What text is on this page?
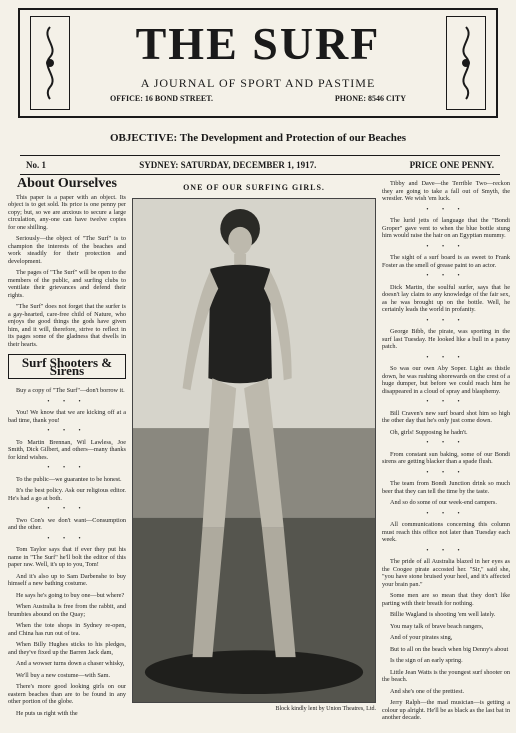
THE SURF
A JOURNAL OF SPORT AND PASTIME
OFFICE: 16 BOND STREET.	PHONE: 8546 CITY
OBJECTIVE: The Development and Protection of our Beaches
No. 1	SYDNEY: SATURDAY, DECEMBER 1, 1917.	PRICE ONE PENNY.
About Ourselves

This paper is a paper with an object. Its object is to get sold. Its price is one penny per copy; but, so we are anxious to secure a large circulation, any-one can have twelve copies for one shilling.

Seriously—the object of "The Surf" is to champion the interests of the beaches and work steadily for their protection and development.

The pages of "The Surf" will be open to the members of the public, and surfing clubs to ventilate their grievances and defend their rights.

"The Surf" does not forget that the surfer is a gay-hearted, care-free child of Nature, who enjoys the good things the gods have given him, and it will, therefore, strive to reflect in its pages some of the gladness that dwells in their hearts.

Surf Shooters & Sirens

Buy a copy of "The Surf"—don't borrow it.

• • •

You! We know that we are kicking off at a bad time, thank you!

• • •

To Martin Brennan, Wil Lawless, Joe Smith, Dick Gilbert, and others—many thanks for kind wishes.

• • •

To the public—we guarantee to be honest.

It's the best policy. Ask our religious editor. He's had a go at both.

• • •

Two Con's we don't want—Consumption and the other.

• • •

Tom Taylor says that if ever they put his name in "The Surf" he'll bolt the editor of this paper raw. Well, it's up to you, Tom!

And it's also up to Sam Darbenshe to buy himself a new bathing costume.

He says he's going to buy one—but where?

When Australia is free from the rabbit, and brumbies abound on the Quay;

When the tote shops in Sydney re-open, and China has run out of tea.

When Billy Hughes sticks to his pledges, and they've fixed up the Barren Jack dam,

And a wowser turns down a chaser whisky,

We'll buy a new costume—with Sam.

There's more good looking girls on our eastern beaches than are to be found in any other portion of the globe.

He puts us right with the

ONE OF OUR SURFING GIRLS.
Block kindly lent by Union Theatres, Ltd.

Tibby and Dave—the Terrible Two—reckon they are going to take a fall out of Smyth, the wrestler. We wish 'em luck.

• • •

The lurid jetts of language that the "Bondi Groper" gave vent to when the blue bottle stung him would raise the hair on an Egyptian mummy.

• • •

The sight of a surf board is as sweet to Frank Foster as the smell of grease paint to an actor.

• • •

Dick Martin, the soulful surfer, says that he doesn't lay claim to any knowledge of the fair sex, as he was brought up on the bottle. Well, he certainly leads the world in profanity.

• • •

George Bibb, the pirate, was sporting in the surf last Tuesday. He looked like a bull in a pansy patch.

• • •

So was our own Aby Soper. Light as thistle down, he was rushing shorewards on the crest of a huge dumper, but before we could reach him he disappeared in a cloud of spray and blasphemy.

• • •

Bill Craven's new surf board shot him so high the other day that he's only just come down.

Oh, girls! Supposing he hadn't.

• • •

From constant sun baking, some of our Bondi sirens are getting blacker than a spade flush.

• • •

The team from Bondi Junction drink so much beer that they can tell the time by the taste.

And so do some of our week-end campers.

• • •

All communications concerning this column must reach this office not later than Tuesday each week.

• • •

The pride of all Australia blazed in her eyes as the Coogee pirate accosted her. "Sir," said she, "you have stone bruised your heel, and it's affected your brain pan."

Some men are so mean that they don't like parting with their breath for nothing.

Billie Wagland is shooting 'em well lately.

You may talk of brave beach rangers,

And of your pirates sing,

But to all on the beach when big Denny's about

Is the sign of an early spring.

Little Jean Watts is the youngest surf shooter on the beach.

And she's one of the prettiest.

Jerry Ralph—the mad musician—is getting a colour up alright. He'll be as black as the last bat in another decade.
